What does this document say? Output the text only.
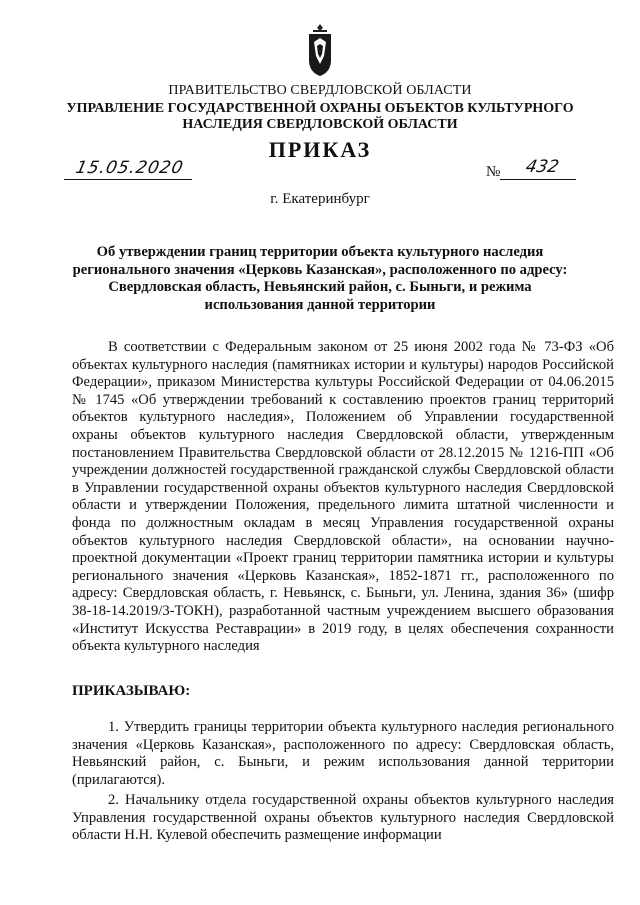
ПРАВИТЕЛЬСТВО СВЕРДЛОВСКОЙ ОБЛАСТИ
УПРАВЛЕНИЕ ГОСУДАРСТВЕННОЙ ОХРАНЫ ОБЪЕКТОВ КУЛЬТУРНОГО НАСЛЕДИЯ СВЕРДЛОВСКОЙ ОБЛАСТИ
ПРИКАЗ
15.05.2020	№ 432
г. Екатеринбург
Об утверждении границ территории объекта культурного наследия регионального значения «Церковь Казанская», расположенного по адресу: Свердловская область, Невьянский район, с. Быньги, и режима использования данной территории
В соответствии с Федеральным законом от 25 июня 2002 года № 73-ФЗ «Об объектах культурного наследия (памятниках истории и культуры) народов Российской Федерации», приказом Министерства культуры Российской Федерации от 04.06.2015 № 1745 «Об утверждении требований к составлению проектов границ территорий объектов культурного наследия», Положением об Управлении государственной охраны объектов культурного наследия Свердловской области, утвержденным постановлением Правительства Свердловской области от 28.12.2015 № 1216-ПП «Об учреждении должностей государственной гражданской службы Свердловской области в Управлении государственной охраны объектов культурного наследия Свердловской области и утверждении Положения, предельного лимита штатной численности и фонда по должностным окладам в месяц Управления государственной охраны объектов культурного наследия Свердловской области», на основании научно-проектной документации «Проект границ территории памятника истории и культуры регионального значения «Церковь Казанская», 1852-1871 гг., расположенного по адресу: Свердловская область, г. Невьянск, с. Быньги, ул. Ленина, здания 36» (шифр 38-18-14.2019/3-ТОКН), разработанной частным учреждением высшего образования «Институт Искусства Реставрации» в 2019 году, в целях обеспечения сохранности объекта культурного наследия
ПРИКАЗЫВАЮ:
1. Утвердить границы территории объекта культурного наследия регионального значения «Церковь Казанская», расположенного по адресу: Свердловская область, Невьянский район, с. Быньги, и режим использования данной территории (прилагаются).
2. Начальнику отдела государственной охраны объектов культурного наследия Управления государственной охраны объектов культурного наследия Свердловской области Н.Н. Кулевой обеспечить размещение информации
